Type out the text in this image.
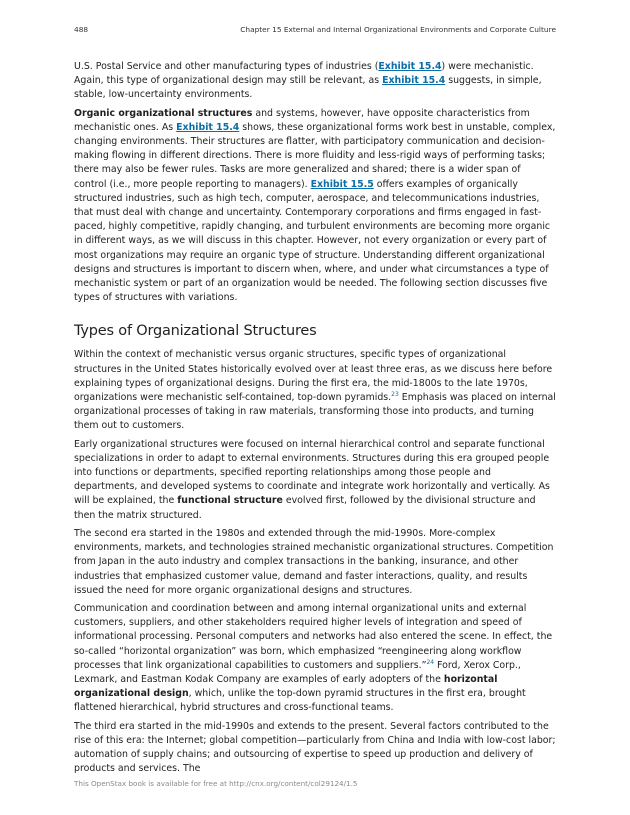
488	Chapter 15 External and Internal Organizational Environments and Corporate Culture

U.S. Postal Service and other manufacturing types of industries (Exhibit 15.4) were mechanistic. Again, this type of organizational design may still be relevant, as Exhibit 15.4 suggests, in simple, stable, low-uncertainty environments.

Organic organizational structures and systems, however, have opposite characteristics from mechanistic ones. As Exhibit 15.4 shows, these organizational forms work best in unstable, complex, changing environments. Their structures are flatter, with participatory communication and decision-making flowing in different directions. There is more fluidity and less-rigid ways of performing tasks; there may also be fewer rules. Tasks are more generalized and shared; there is a wider span of control (i.e., more people reporting to managers). Exhibit 15.5 offers examples of organically structured industries, such as high tech, computer, aerospace, and telecommunications industries, that must deal with change and uncertainty. Contemporary corporations and firms engaged in fast-paced, highly competitive, rapidly changing, and turbulent environments are becoming more organic in different ways, as we will discuss in this chapter. However, not every organization or every part of most organizations may require an organic type of structure. Understanding different organizational designs and structures is important to discern when, where, and under what circumstances a type of mechanistic system or part of an organization would be needed. The following section discusses five types of structures with variations.

Types of Organizational Structures

Within the context of mechanistic versus organic structures, specific types of organizational structures in the United States historically evolved over at least three eras, as we discuss here before explaining types of organizational designs. During the first era, the mid-1800s to the late 1970s, organizations were mechanistic self-contained, top-down pyramids.$^{23}$ Emphasis was placed on internal organizational processes of taking in raw materials, transforming those into products, and turning them out to customers.

Early organizational structures were focused on internal hierarchical control and separate functional specializations in order to adapt to external environments. Structures during this era grouped people into functions or departments, specified reporting relationships among those people and departments, and developed systems to coordinate and integrate work horizontally and vertically. As will be explained, the functional structure evolved first, followed by the divisional structure and then the matrix structured.

The second era started in the 1980s and extended through the mid-1990s. More-complex environments, markets, and technologies strained mechanistic organizational structures. Competition from Japan in the auto industry and complex transactions in the banking, insurance, and other industries that emphasized customer value, demand and faster interactions, quality, and results issued the need for more organic organizational designs and structures.

Communication and coordination between and among internal organizational units and external customers, suppliers, and other stakeholders required higher levels of integration and speed of informational processing. Personal computers and networks had also entered the scene. In effect, the so-called “horizontal organization” was born, which emphasized “reengineering along workflow processes that link organizational capabilities to customers and suppliers.”$^{24}$ Ford, Xerox Corp., Lexmark, and Eastman Kodak Company are examples of early adopters of the horizontal organizational design, which, unlike the top-down pyramid structures in the first era, brought flattened hierarchical, hybrid structures and cross-functional teams.

The third era started in the mid-1990s and extends to the present. Several factors contributed to the rise of this era: the Internet; global competition—particularly from China and India with low-cost labor; automation of supply chains; and outsourcing of expertise to speed up production and delivery of products and services. The

This OpenStax book is available for free at http://cnx.org/content/col29124/1.5
